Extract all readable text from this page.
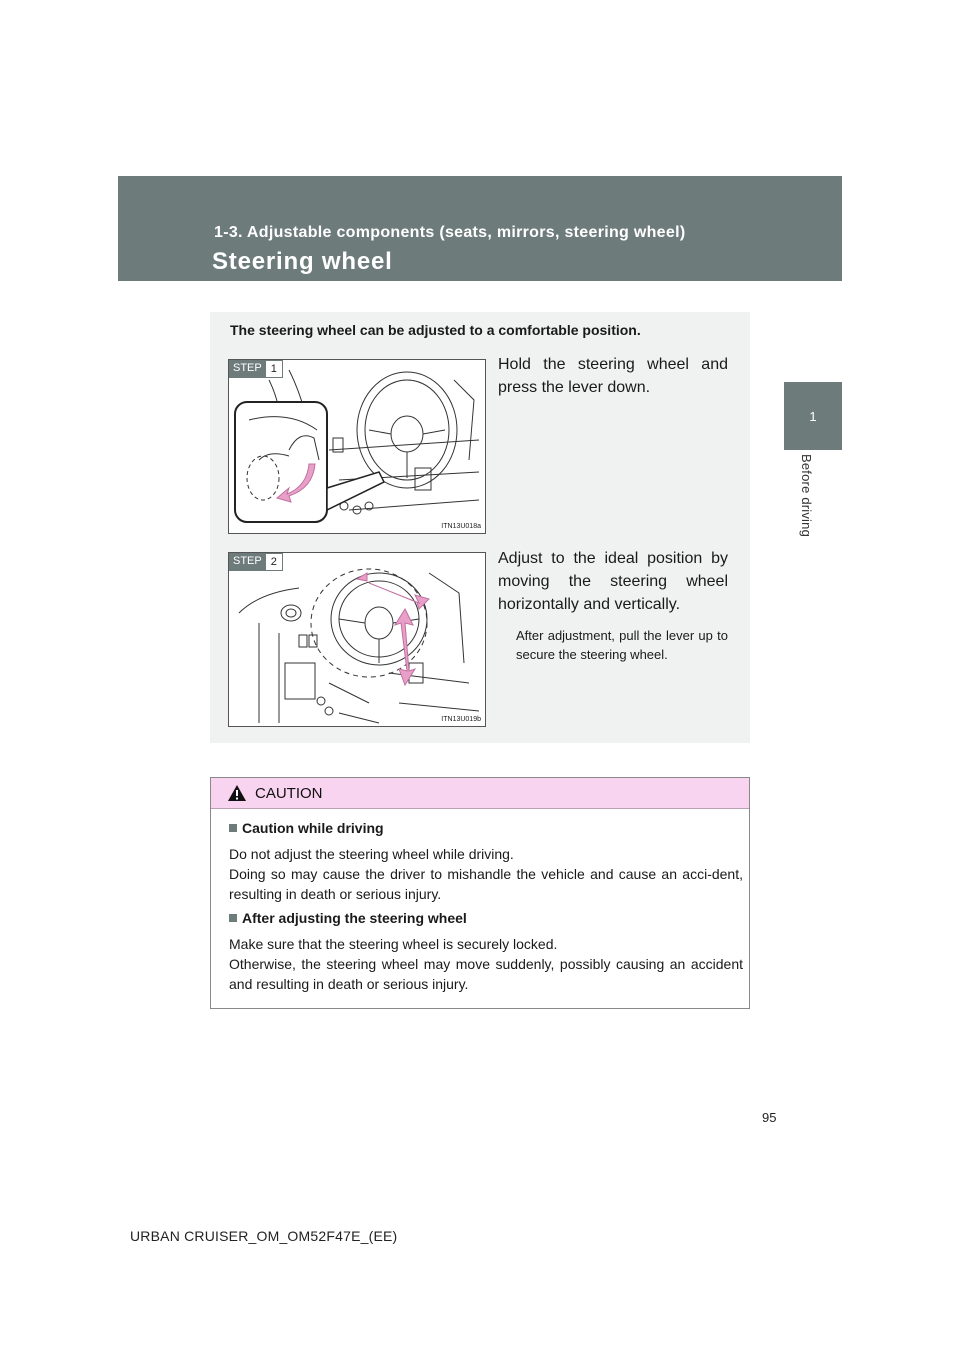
1-3. Adjustable components (seats, mirrors, steering wheel)
Steering wheel
1
Before driving
The steering wheel can be adjusted to a comfortable position.
STEP 1
ITN13U018a
Hold the steering wheel and press the lever down.
STEP 2
ITN13U019b
Adjust to the ideal position by moving the steering wheel horizontally and vertically.
After adjustment, pull the lever up to secure the steering wheel.
CAUTION
Caution while driving

Do not adjust the steering wheel while driving.

Doing so may cause the driver to mishandle the vehicle and cause an acci-dent, resulting in death or serious injury.

After adjusting the steering wheel

Make sure that the steering wheel is securely locked.

Otherwise, the steering wheel may move suddenly, possibly causing an accident and resulting in death or serious injury.

95
URBAN CRUISER_OM_OM52F47E_(EE)
